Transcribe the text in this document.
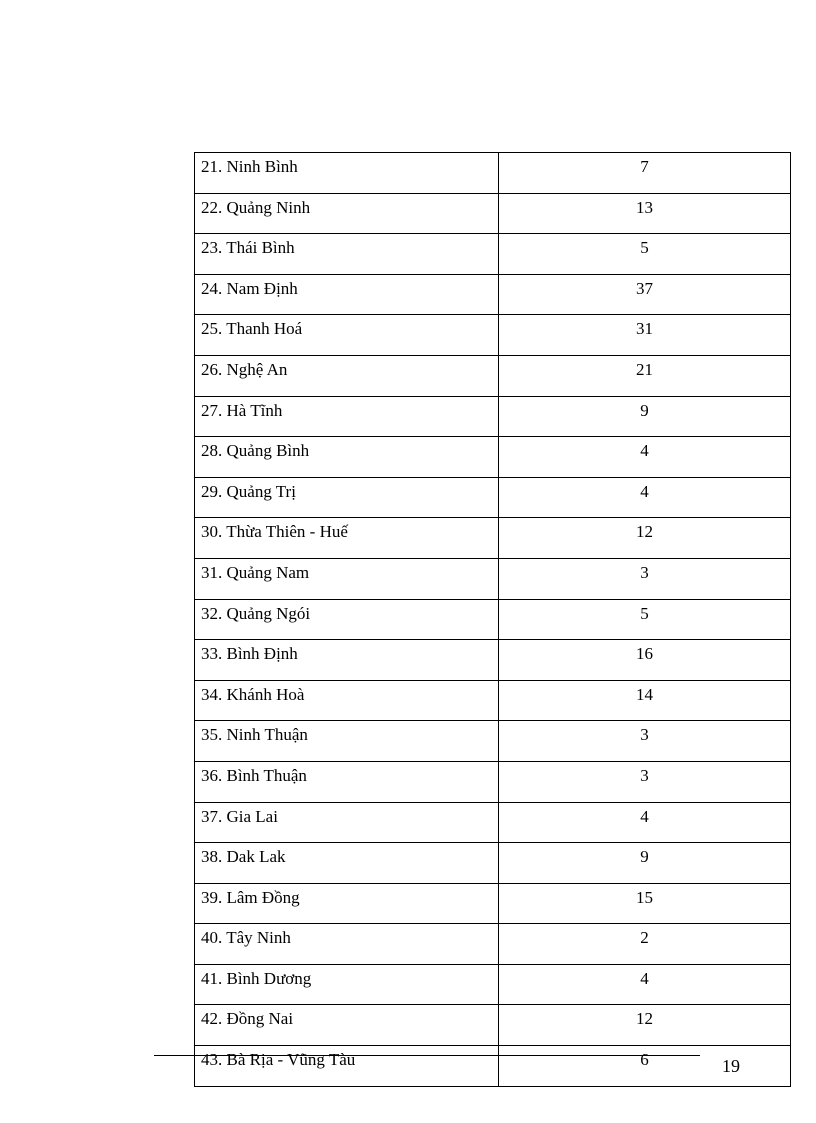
21. Ninh Bình	7
22. Quảng Ninh	13
23. Thái Bình	5
24. Nam Định	37
25. Thanh Hoá	31
26. Nghệ An	21
27. Hà Tĩnh	9
28. Quảng Bình	4
29. Quảng Trị	4
30. Thừa Thiên - Huế	12
31. Quảng Nam	3
32. Quảng Ngói	5
33. Bình Định	16
34. Khánh Hoà	14
35. Ninh Thuận	3
36. Bình Thuận	3
37. Gia Lai	4
38. Dak Lak	9
39. Lâm Đồng	15
40. Tây Ninh	2
41. Bình Dương	4
42. Đồng Nai	12
43. Bà Rịa - Vũng Tàu	6	19
